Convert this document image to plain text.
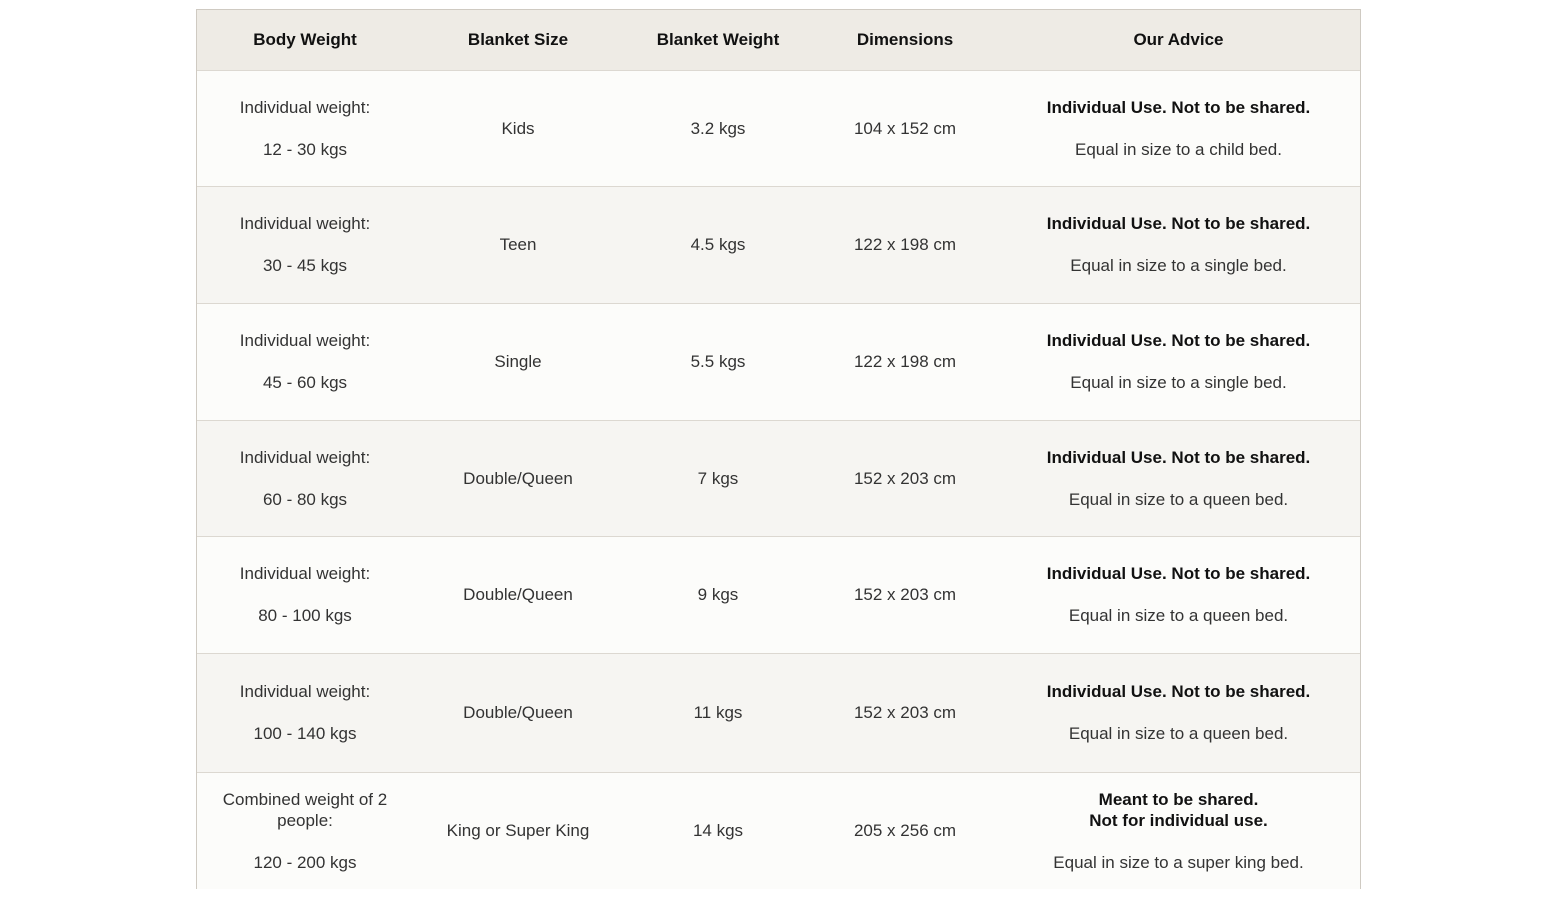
Body Weight	Blanket Size	Blanket Weight	Dimensions	Our Advice

Individual weight:
12 - 30 kgs	Kids	3.2 kgs	104 x 152 cm	Individual Use. Not to be shared.
Equal in size to a child bed.

Individual weight:
30 - 45 kgs	Teen	4.5 kgs	122 x 198 cm	Individual Use. Not to be shared.
Equal in size to a single bed.

Individual weight:
45 - 60 kgs	Single	5.5 kgs	122 x 198 cm	Individual Use. Not to be shared.
Equal in size to a single bed.

Individual weight:
60 - 80 kgs	Double/Queen	7 kgs	152 x 203 cm	Individual Use. Not to be shared.
Equal in size to a queen bed.

Individual weight:
80 - 100 kgs	Double/Queen	9 kgs	152 x 203 cm	Individual Use. Not to be shared.
Equal in size to a queen bed.

Individual weight:
100 - 140 kgs	Double/Queen	11 kgs	152 x 203 cm	Individual Use. Not to be shared.
Equal in size to a queen bed.

Combined weight of 2 people:
120 - 200 kgs	King or Super King	14 kgs	205 x 256 cm	Meant to be shared.
Not for individual use.
Equal in size to a super king bed.
